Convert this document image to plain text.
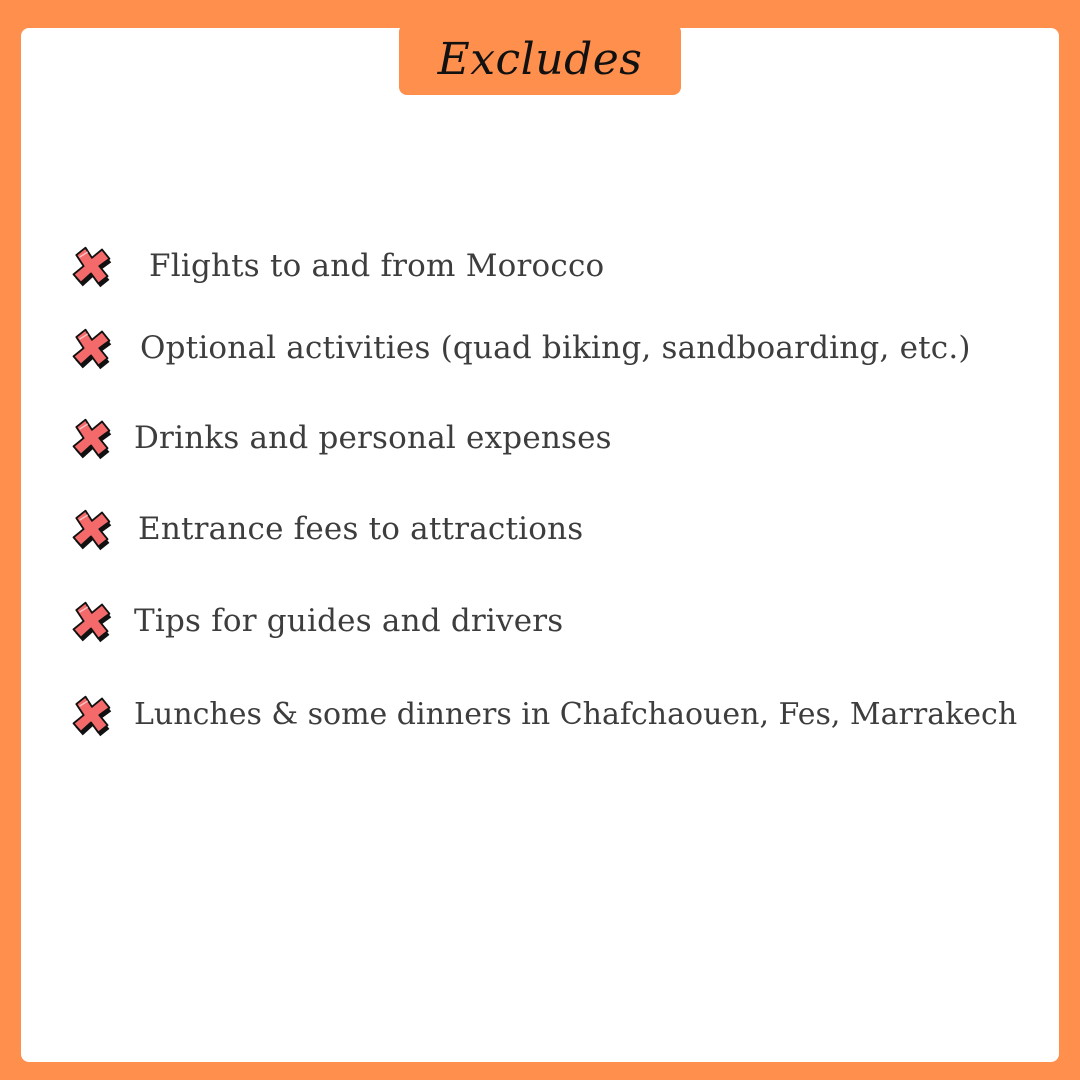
Excludes
Flights to and from Morocco
Optional activities (quad biking, sandboarding, etc.)
Drinks and personal expenses
Entrance fees to attractions
Tips for guides and drivers
Lunches & some dinners in Chafchaouen, Fes, Marrakech
